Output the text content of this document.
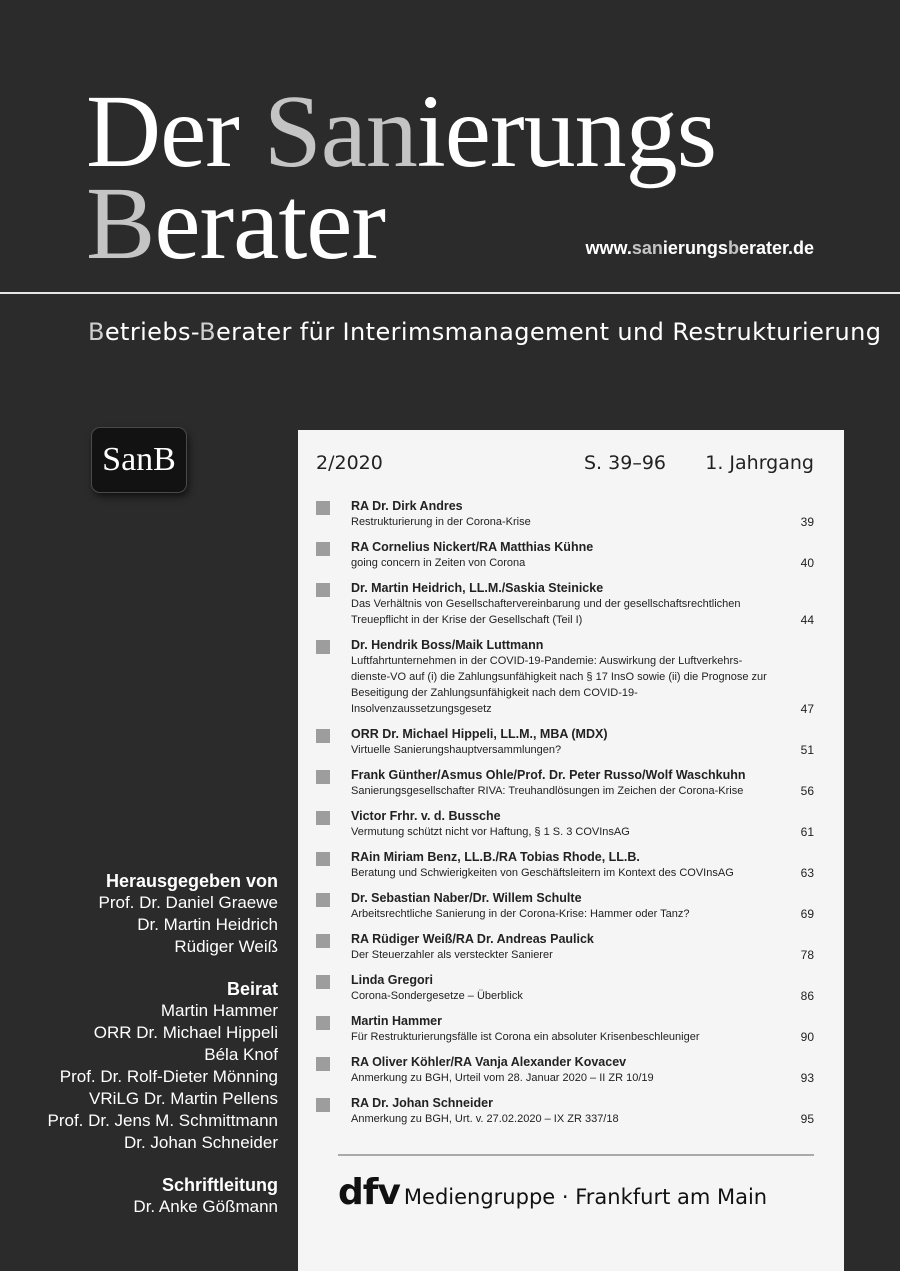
Der Sanierungs
Berater	www.sanierungsberater.de
Betriebs-Berater für Interimsmanagement und Restrukturierung
SanB
Herausgegeben von
Prof. Dr. Daniel Graewe
Dr. Martin Heidrich
Rüdiger Weiß
Beirat
Martin Hammer
ORR Dr. Michael Hippeli
Béla Knof
Prof. Dr. Rolf-Dieter Mönning
VRiLG Dr. Martin Pellens
Prof. Dr. Jens M. Schmittmann
Dr. Johan Schneider
Schriftleitung
Dr. Anke Gößmann
2/2020	S. 39–96 1. Jahrgang
RA Dr. Dirk Andres
Restrukturierung in der Corona-Krise	39
RA Cornelius Nickert/RA Matthias Kühne
going concern in Zeiten von Corona	40
Dr. Martin Heidrich, LL.M./Saskia Steinicke
Das Verhältnis von Gesellschaftervereinbarung und der gesellschaftsrechtlichen Treuepflicht in der Krise der Gesellschaft (Teil I)	44
Dr. Hendrik Boss/Maik Luttmann
Luftfahrtunternehmen in der COVID-19-Pandemie: Auswirkung der Luftverkehrs-dienste-VO auf (i) die Zahlungsunfähigkeit nach § 17 InsO sowie (ii) die Prognose zur Beseitigung der Zahlungsunfähigkeit nach dem COVID-19-Insolvenzaussetzungsgesetz	47
ORR Dr. Michael Hippeli, LL.M., MBA (MDX)
Virtuelle Sanierungshauptversammlungen?	51
Frank Günther/Asmus Ohle/Prof. Dr. Peter Russo/Wolf Waschkuhn
Sanierungsgesellschafter RIVA: Treuhandlösungen im Zeichen der Corona-Krise	56
Victor Frhr. v. d. Bussche
Vermutung schützt nicht vor Haftung, § 1 S. 3 COVInsAG	61
RAin Miriam Benz, LL.B./RA Tobias Rhode, LL.B.
Beratung und Schwierigkeiten von Geschäftsleitern im Kontext des COVInsAG	63
Dr. Sebastian Naber/Dr. Willem Schulte
Arbeitsrechtliche Sanierung in der Corona-Krise: Hammer oder Tanz?	69
RA Rüdiger Weiß/RA Dr. Andreas Paulick
Der Steuerzahler als versteckter Sanierer	78
Linda Gregori
Corona-Sondergesetze – Überblick	86
Martin Hammer
Für Restrukturierungsfälle ist Corona ein absoluter Krisenbeschleuniger	90
RA Oliver Köhler/RA Vanja Alexander Kovacev
Anmerkung zu BGH, Urteil vom 28. Januar 2020 – II ZR 10/19	93
RA Dr. Johan Schneider
Anmerkung zu BGH, Urt. v. 27.02.2020 – IX ZR 337/18	95
dfv Mediengruppe · Frankfurt am Main
